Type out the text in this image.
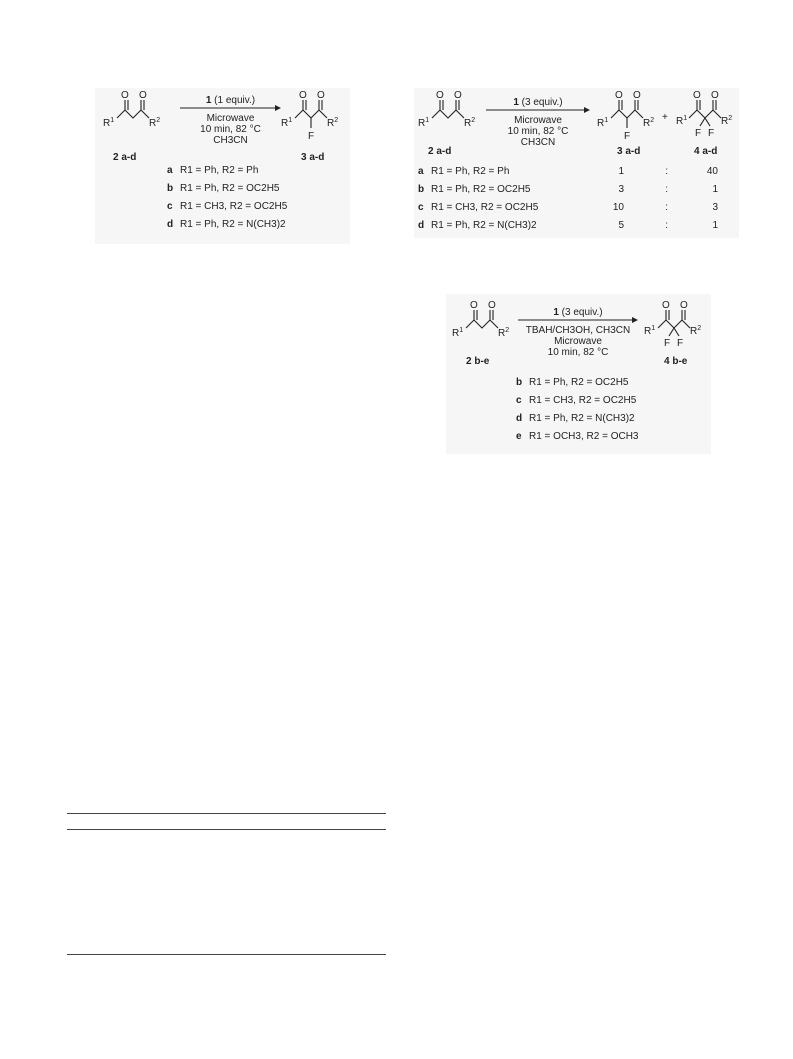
O O
$R^1$	$R^2$
2 a-d
O O
F
$R^1$	$R^2$
3 a-d
1 (1 equiv.)
Microwave
10 min, 82 °C
CH3CN
a R1 = Ph, R2 = Ph
b R1 = Ph, R2 = OC2H5
c R1 = CH3, R2 = OC2H5
d R1 = Ph, R2 = N(CH3)2
O O
$R^1$	$R^2$
2 a-d
O O
F
$R^1$	$R^2$
3 a-d
+
O O
F F
$R^1$	$R^2$
4 a-d
1 (3 equiv.)
Microwave
10 min, 82 °C
CH3CN
a R1 = Ph, R2 = Ph	1	:	40
b R1 = Ph, R2 = OC2H5	3	:	1
c R1 = CH3, R2 = OC2H5	10	:	3
d R1 = Ph, R2 = N(CH3)2	5	:	1
O O
$R^1$	$R^2$
2 b-e
O O
F F
$R^1$	$R^2$
4 b-e
1 (3 equiv.)
TBAH/CH3OH, CH3CN
Microwave
10 min, 82 °C
b R1 = Ph, R2 = OC2H5
c R1 = CH3, R2 = OC2H5
d R1 = Ph, R2 = N(CH3)2
e R1 = OCH3, R2 = OCH3
